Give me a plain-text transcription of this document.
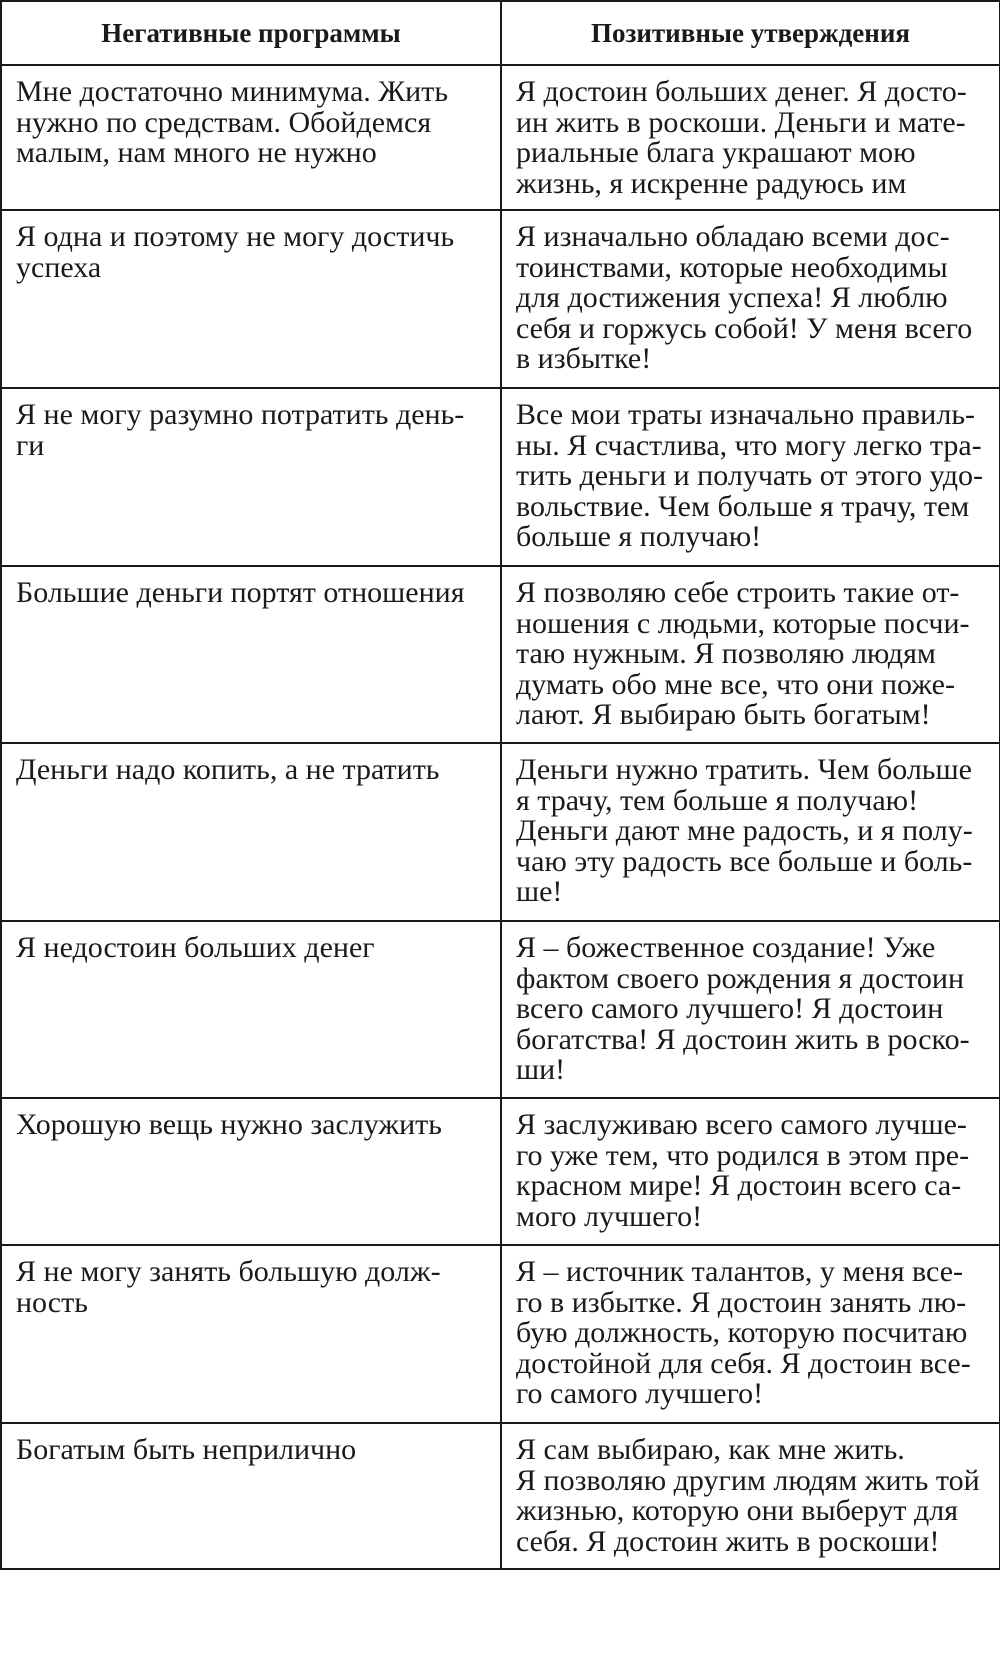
Негативные программы	Позитивные утверждения

Мне достаточно минимума. Жить
нужно по средствам. Обойдемся
малым, нам много не нужно	Я достоин больших денег. Я досто-
ин жить в роскоши. Деньги и мате-
риальные блага украшают мою
жизнь, я искренне радуюсь им

Я одна и поэтому не могу достичь
успеха	Я изначально обладаю всеми дос-
тоинствами, которые необходимы
для достижения успеха! Я люблю
себя и горжусь собой! У меня всего
в избытке!

Я не могу разумно потратить день-
ги	Все мои траты изначально правиль-
ны. Я счастлива, что могу легко тра-
тить деньги и получать от этого удо-
вольствие. Чем больше я трачу, тем
больше я получаю!

Большие деньги портят отношения	Я позволяю себе строить такие от-
ношения с людьми, которые посчи-
таю нужным. Я позволяю людям
думать обо мне все, что они поже-
лают. Я выбираю быть богатым!

Деньги надо копить, а не тратить	Деньги нужно тратить. Чем больше
я трачу, тем больше я получаю!
Деньги дают мне радость, и я полу-
чаю эту радость все больше и боль-
ше!

Я недостоин больших денег	Я – божественное создание! Уже
фактом своего рождения я достоин
всего самого лучшего! Я достоин
богатства! Я достоин жить в роско-
ши!

Хорошую вещь нужно заслужить	Я заслуживаю всего самого лучше-
го уже тем, что родился в этом пре-
красном мире! Я достоин всего са-
мого лучшего!

Я не могу занять большую долж-
ность	Я – источник талантов, у меня все-
го в избытке. Я достоин занять лю-
бую должность, которую посчитаю
достойной для себя. Я достоин все-
го самого лучшего!

Богатым быть неприлично	Я сам выбираю, как мне жить.
Я позволяю другим людям жить той
жизнью, которую они выберут для
себя. Я достоин жить в роскоши!
